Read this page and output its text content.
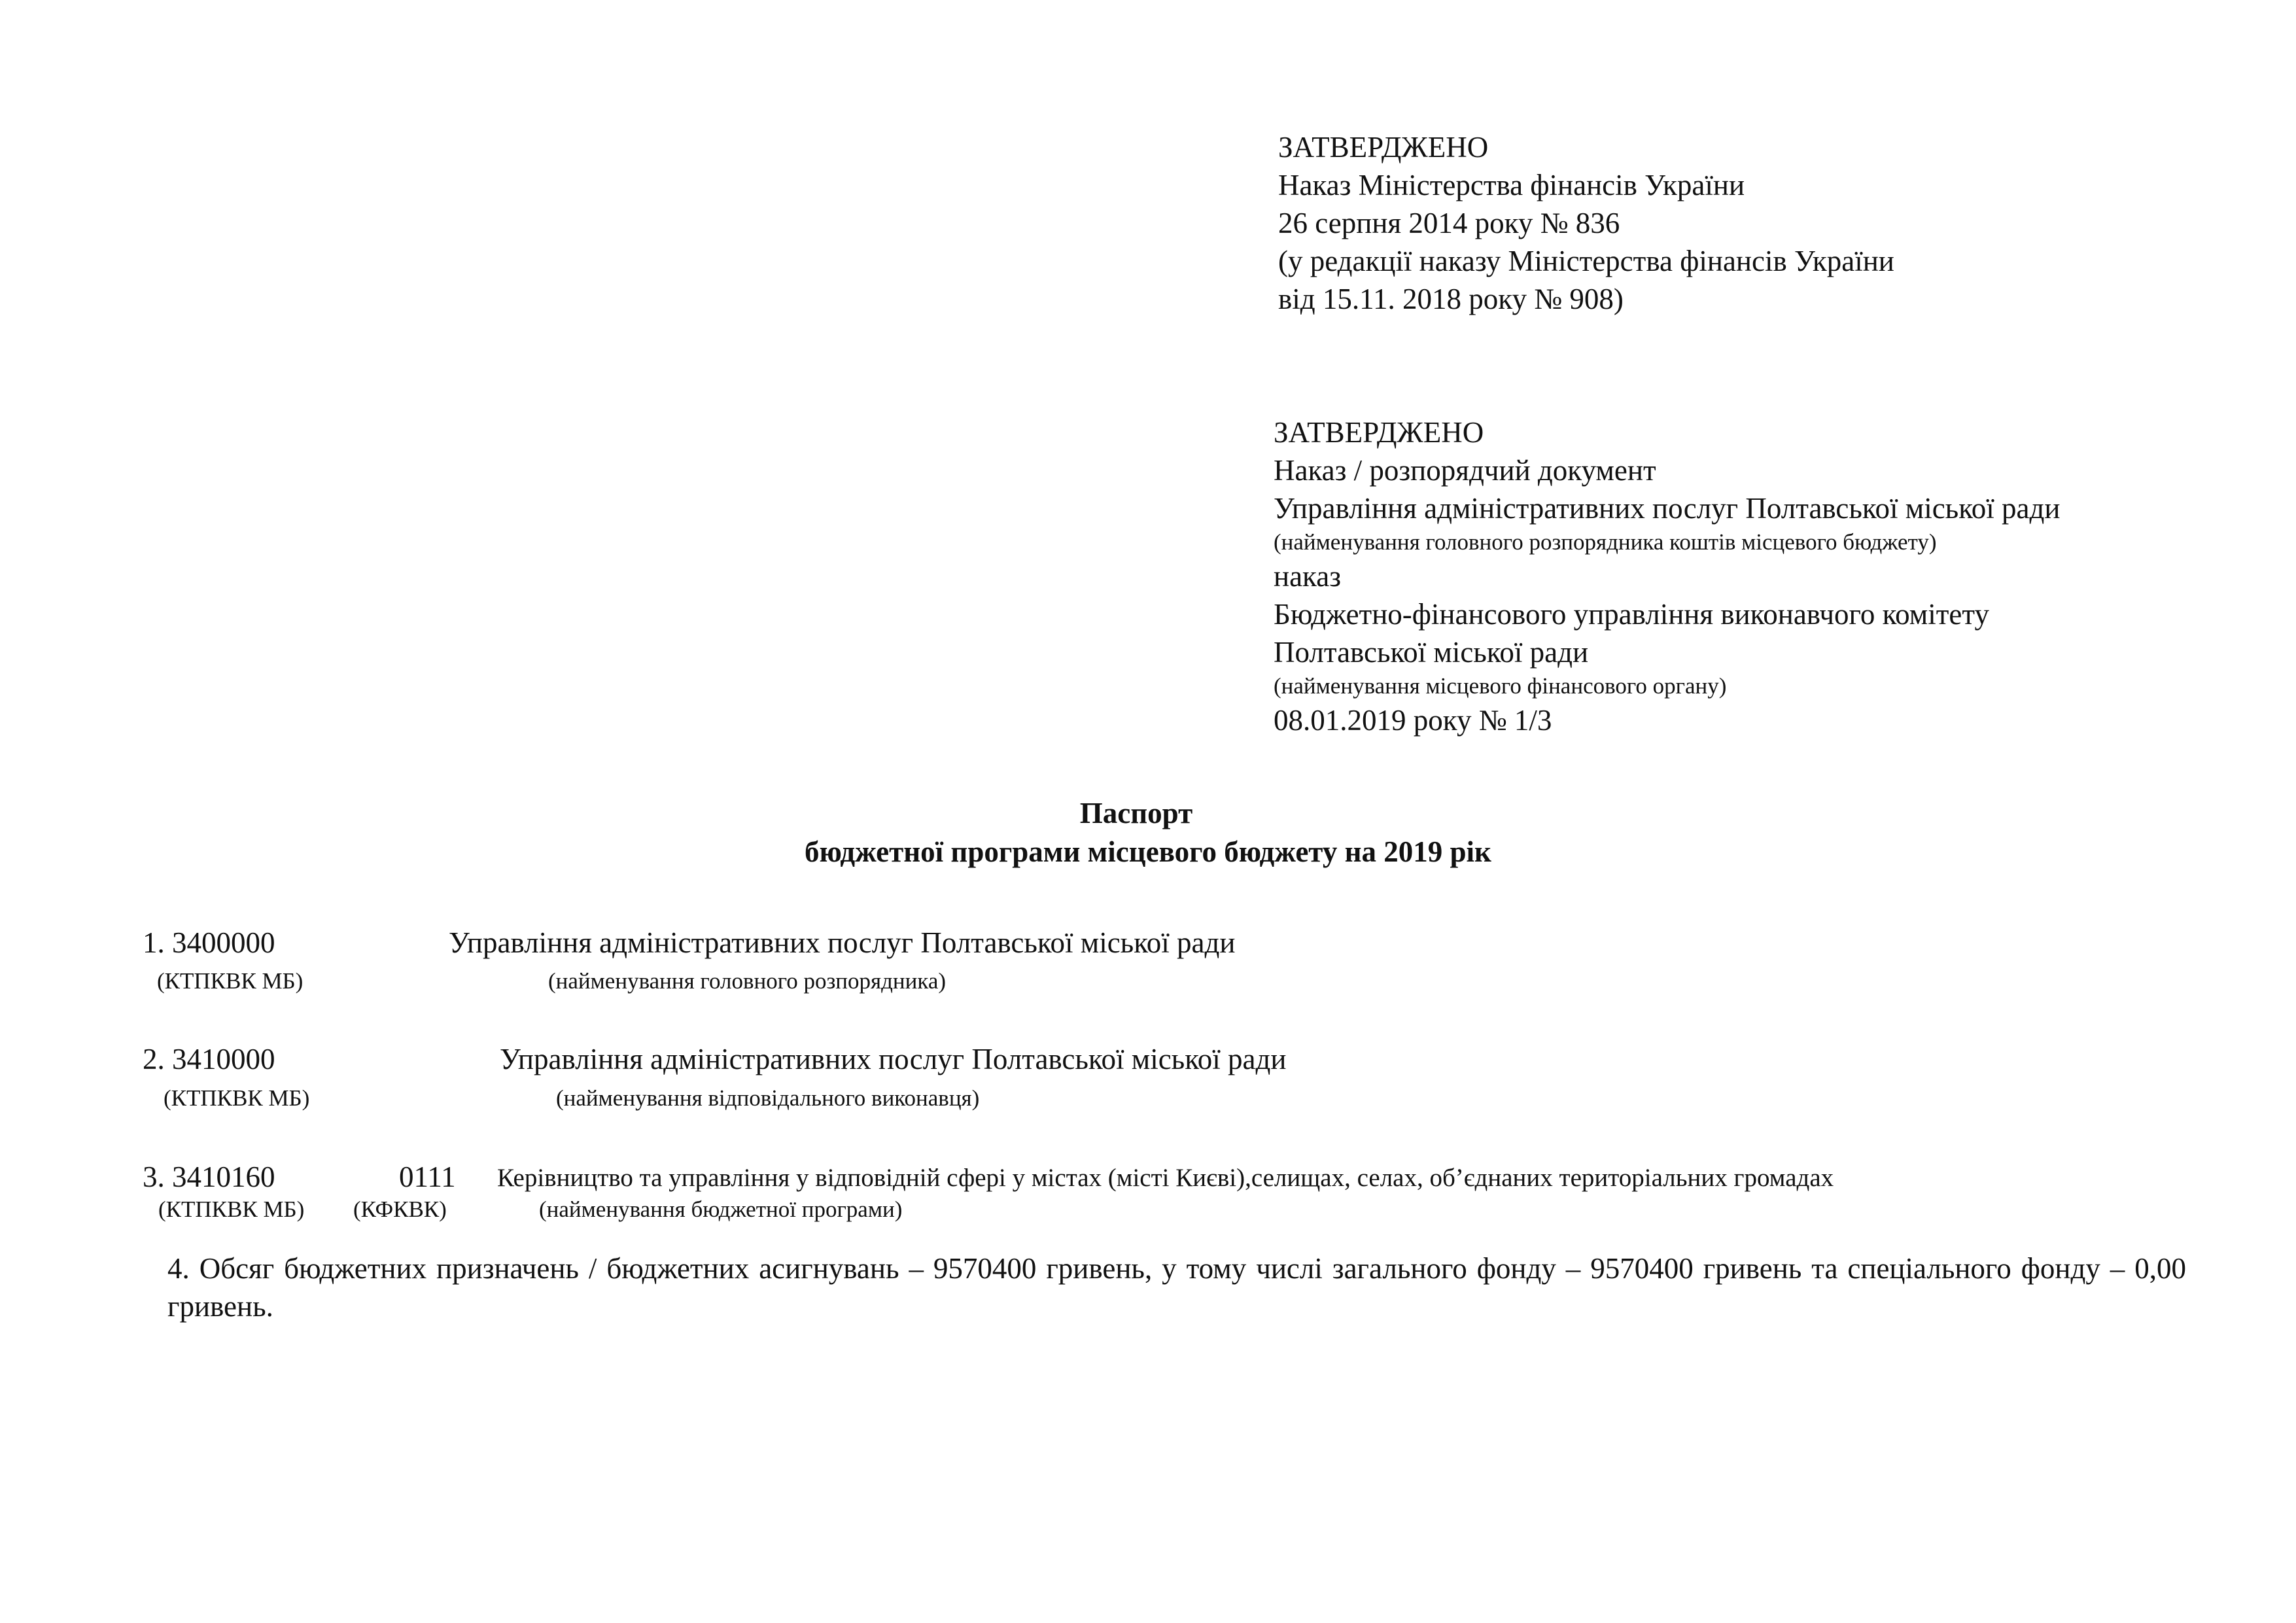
ЗАТВЕРДЖЕНО
Наказ Міністерства фінансів України
26 серпня 2014 року № 836
(у редакції наказу Міністерства фінансів України
від 15.11. 2018 року № 908)
ЗАТВЕРДЖЕНО
Наказ / розпорядчий документ
Управління адміністративних послуг Полтавської міської ради
(найменування головного розпорядника коштів місцевого бюджету)
наказ
Бюджетно-фінансового управління виконавчого комітету
Полтавської міської ради
(найменування місцевого фінансового органу)
08.01.2019 року № 1/3
Паспорт
бюджетної програми місцевого бюджету на 2019 рік
1. 3400000	Управління адміністративних послуг Полтавської міської ради
(КТПКВК МБ)	(найменування головного розпорядника)
2. 3410000	Управління адміністративних послуг Полтавської міської ради
(КТПКВК МБ)	(найменування відповідального виконавця)
3. 3410160	0111 Керівництво та управління у відповідній сфері у містах (місті Києві),селищах, селах, об’єднаних територіальних громадах
(КТПКВК МБ) (КФКВК)	(найменування бюджетної програми)
4. Обсяг бюджетних призначень / бюджетних асигнувань – 9570400 гривень, у тому числі загального фонду – 9570400 гривень та спеціального фонду – 0,00 гривень.
